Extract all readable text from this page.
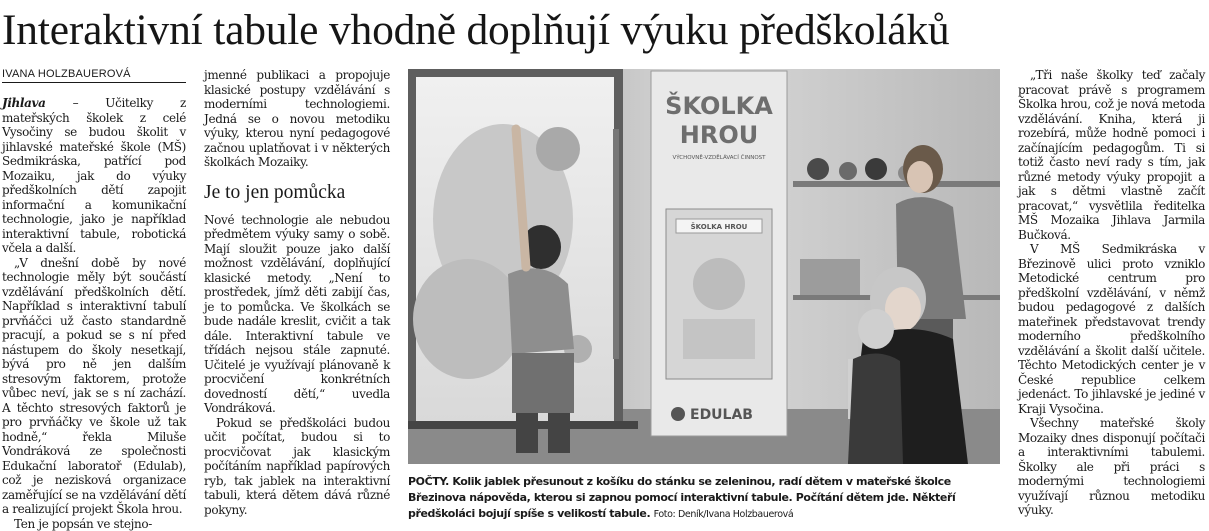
Interaktivní tabule vhodně doplňují výuku předškoláků
IVANA HOLZBAUEROVÁ

Jihlava – Učitelky z mateřských školek z celé Vysočiny se budou školit v jihlavské mateřské škole (MŠ) Sedmikráska, patřící pod Mozaiku, jak do výuky předškolních dětí zapojit informační a komunikační technologie, jako je například interaktivní tabule, robotická včela a další.

„V dnešní době by nové technologie měly být součástí vzdělávání předškolních dětí. Například s interaktivní tabulí prvňáčci už často standardně pracují, a pokud se s ní před nástupem do školy nesetkají, bývá pro ně jen dalším stresovým faktorem, protože vůbec neví, jak se s ní zachází. A těchto stresových faktorů je pro prvňáčky ve škole už tak hodně,“ řekla Miluše Vondráková ze společnosti Edukační laboratoř (Edulab), což je nezisková organizace zaměřující se na vzdělávání dětí a realizující projekt Škola hrou.

Ten je popsán ve stejno-

jmenné publikaci a propojuje klasické postupy vzdělávání s moderními technologiemi. Jedná se o novou metodiku výuky, kterou nyní pedagogové začnou uplatňovat i v některých školkách Mozaiky.

Je to jen pomůcka

Nové technologie ale nebudou předmětem výuky samy o sobě. Mají sloužit pouze jako další možnost vzdělávání, doplňující klasické metody. „Není to prostředek, jímž děti zabijí čas, je to pomůcka. Ve školkách se bude nadále kreslit, cvičit a tak dále. Interaktivní tabule ve třídách nejsou stále zapnuté. Učitelé je využívají plánovaně k procvičení konkrétních dovedností dětí,“ uvedla Vondráková.

Pokud se předškoláci budou učit počítat, budou si to procvičovat jak klasickým počítáním například papírových ryb, tak jablek na interaktivní tabuli, která dětem dává různé pokyny.

ŠKOLKA
HROU
VÝCHOVNĚ-VZDĚLÁVACÍ ČINNOST
ŠKOLKA HROU
EDULAB
POČTY. Kolik jablek přesunout z košíku do stánku se zeleninou, radí dětem v mateřské školce Březinova nápověda, kterou si zapnou pomocí interaktivní tabule. Počítání dětem jde. Někteří předškoláci bojují spíše s velikostí tabule. Foto: Deník/Ivana Holzbauerová

„Tři naše školky teď začaly pracovat právě s programem Školka hrou, což je nová metoda vzdělávání. Kniha, která ji rozebírá, může hodně pomoci i začínajícím pedagogům. Ti si totiž často neví rady s tím, jak různé metody výuky propojit a jak s dětmi vlastně začít pracovat,“ vysvětlila ředitelka MŠ Mozaika Jihlava Jarmila Bučková.

V MŠ Sedmikráska v Březinově ulici proto vzniklo Metodické centrum pro předškolní vzdělávání, v němž budou pedagogové z dalších mateřinek představovat trendy moderního předškolního vzdělávání a školit další učitele. Těchto Metodických center je v České republice celkem jedenáct. To jihlavské je jediné v Kraji Vysočina.

Všechny mateřské školy Mozaiky dnes disponují počítači a interaktivními tabulemi. Školky ale při práci s modernými technologiemi využívají různou metodiku výuky.
